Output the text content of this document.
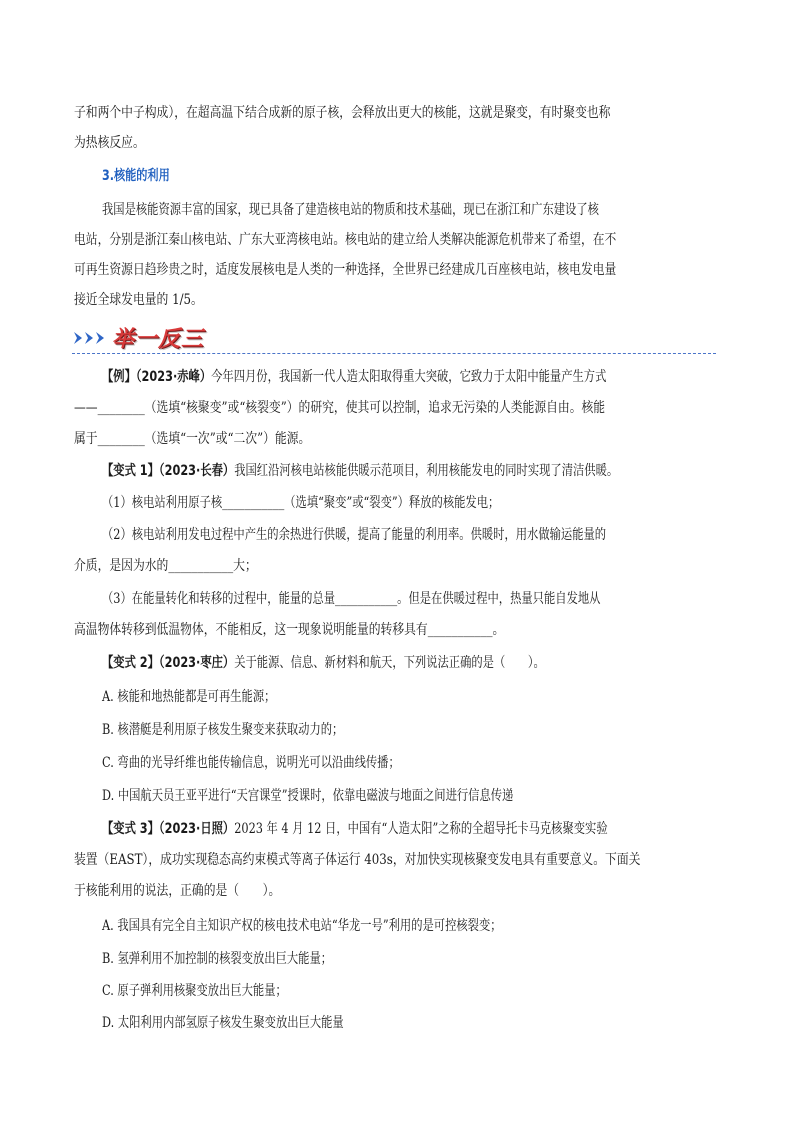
子和两个中子构成），在超高温下结合成新的原子核，会释放出更大的核能，这就是聚变，有时聚变也称
为热核反应。
3.核能的利用
我国是核能资源丰富的国家，现已具备了建造核电站的物质和技术基础，现已在浙江和广东建设了核
电站，分别是浙江秦山核电站、广东大亚湾核电站。核电站的建立给人类解决能源危机带来了希望，在不
可再生资源日趋珍贵之时，适度发展核电是人类的一种选择，全世界已经建成几百座核电站，核电发电量
接近全球发电量的 1/5。
举一反三
【例】（2023·赤峰）今年四月份，我国新一代人造太阳取得重大突破，它致力于太阳中能量产生方式
——________（选填“核聚变”或“核裂变”）的研究，使其可以控制，追求无污染的人类能源自由。核能
属于________（选填“一次”或“二次”）能源。
【变式 1】（2023·长春）我国红沿河核电站核能供暖示范项目，利用核能发电的同时实现了清洁供暖。
（1）核电站利用原子核___________（选填“聚变”或“裂变”）释放的核能发电；
（2）核电站利用发电过程中产生的余热进行供暖，提高了能量的利用率。供暖时，用水做输运能量的
介质，是因为水的___________大；
（3）在能量转化和转移的过程中，能量的总量___________。但是在供暖过程中，热量只能自发地从
高温物体转移到低温物体，不能相反，这一现象说明能量的转移具有___________。
【变式 2】（2023·枣庄）关于能源、信息、新材料和航天，下列说法正确的是（　　）。
A. 核能和地热能都是可再生能源；
B. 核潜艇是利用原子核发生聚变来获取动力的；
C. 弯曲的光导纤维也能传输信息，说明光可以沿曲线传播；
D. 中国航天员王亚平进行“天宫课堂”授课时，依靠电磁波与地面之间进行信息传递
【变式 3】（2023·日照）2023 年 4 月 12 日，中国有“人造太阳”之称的全超导托卡马克核聚变实验
装置（EAST），成功实现稳态高约束模式等离子体运行 403s，对加快实现核聚变发电具有重要意义。下面关
于核能利用的说法，正确的是（　　）。
A. 我国具有完全自主知识产权的核电技术电站“华龙一号”利用的是可控核裂变；
B. 氢弹利用不加控制的核裂变放出巨大能量；
C. 原子弹利用核聚变放出巨大能量；
D. 太阳利用内部氢原子核发生聚变放出巨大能量
